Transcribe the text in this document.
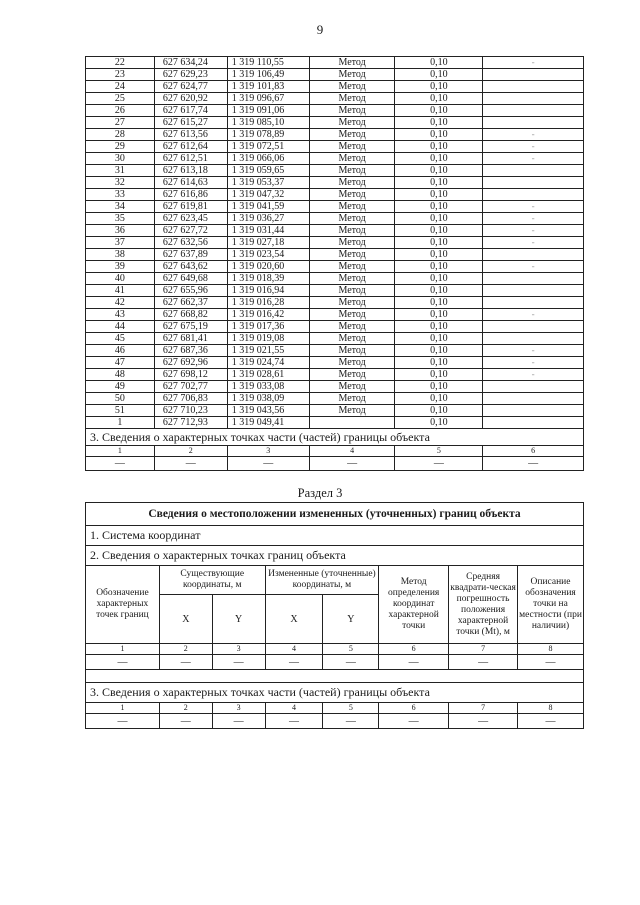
9
22	627 634,24	1 319 110,55	Метод	0,10	-
23	627 629,23	1 319 106,49	Метод	0,10	
24	627 624,77	1 319 101,83	Метод	0,10	
25	627 620,92	1 319 096,67	Метод	0,10	
26	627 617,74	1 319 091,06	Метод	0,10	
27	627 615,27	1 319 085,10	Метод	0,10	
28	627 613,56	1 319 078,89	Метод	0,10	-
29	627 612,64	1 319 072,51	Метод	0,10	-
30	627 612,51	1 319 066,06	Метод	0,10	-
31	627 613,18	1 319 059,65	Метод	0,10	
32	627 614,63	1 319 053,37	Метод	0,10	
33	627 616,86	1 319 047,32	Метод	0,10	
34	627 619,81	1 319 041,59	Метод	0,10	-
35	627 623,45	1 319 036,27	Метод	0,10	-
36	627 627,72	1 319 031,44	Метод	0,10	-
37	627 632,56	1 319 027,18	Метод	0,10	-
38	627 637,89	1 319 023,54	Метод	0,10	
39	627 643,62	1 319 020,60	Метод	0,10	-
40	627 649,68	1 319 018,39	Метод	0,10	
41	627 655,96	1 319 016,94	Метод	0,10	
42	627 662,37	1 319 016,28	Метод	0,10	
43	627 668,82	1 319 016,42	Метод	0,10	-
44	627 675,19	1 319 017,36	Метод	0,10	
45	627 681,41	1 319 019,08	Метод	0,10	
46	627 687,36	1 319 021,55	Метод	0,10	-
47	627 692,96	1 319 024,74	Метод	0,10	-
48	627 698,12	1 319 028,61	Метод	0,10	-
49	627 702,77	1 319 033,08	Метод	0,10	
50	627 706,83	1 319 038,09	Метод	0,10	
51	627 710,23	1 319 043,56	Метод	0,10	
1	627 712,93	1 319 049,41		0,10	
3. Сведения о характерных точках части (частей) границы объекта					
1	2	3	4	5	6
—	—	—	—	—	—
Раздел 3
Сведения о местоположении измененных (уточненных) границ объекта							
1. Система координат							
2. Сведения о характерных точках границ объекта							
Обозначение характерных точек границ	Существующие координаты, м		Измененные (уточненные) координаты, м		Метод определения координат характерной точки	Средняя квадрати-ческая погрешность положения характерной точки (Mt), м	Описание обозначения точки на местности (при наличии)
	X	Y	X	Y			
1	2	3	4	5	6	7	8
—	—	—	—	—	—	—	—

3. Сведения о характерных точках части (частей) границы объекта							
1	2	3	4	5	6	7	8
—	—	—	—	—	—	—	—
